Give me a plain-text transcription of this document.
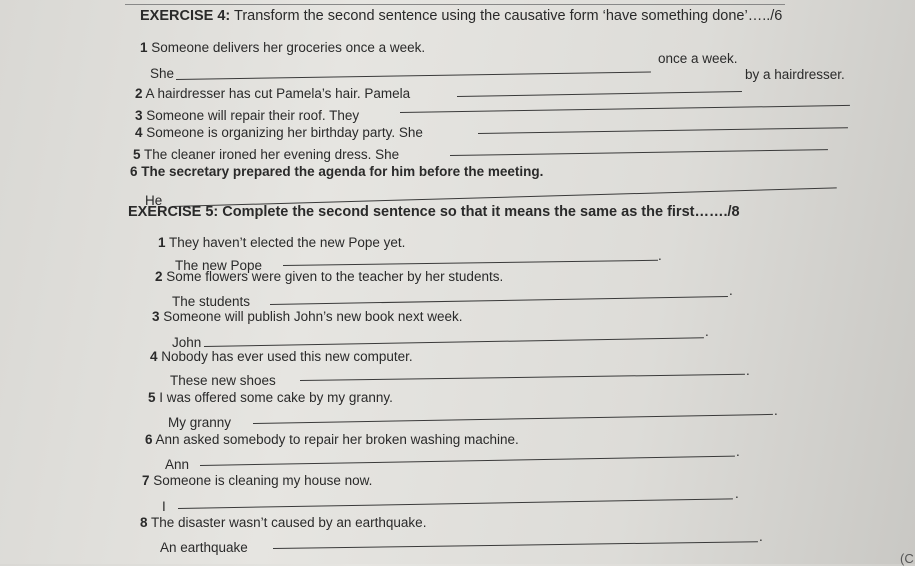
EXERCISE 4: Transform the second sentence using the causative form ‘have something done’…../6
1 Someone delivers her groceries once a week.
She
once a week.
2 A hairdresser has cut Pamela’s hair. Pamela
by a hairdresser.
3 Someone will repair their roof. They
4 Someone is organizing her birthday party. She
5 The cleaner ironed her evening dress. She
6 The secretary prepared the agenda for him before the meeting.
He
EXERCISE 5: Complete the second sentence so that it means the same as the first……./8
1 They haven’t elected the new Pope yet.
The new Pope
.
2 Some flowers were given to the teacher by her students.
The students
.
3 Someone will publish John’s new book next week.
John
.
4 Nobody has ever used this new computer.
These new shoes
.
5 I was offered some cake by my granny.
My granny
.
6 Ann asked somebody to repair her broken washing machine.
Ann
.
7 Someone is cleaning my house now.
I
.
8 The disaster wasn’t caused by an earthquake.
An earthquake
.
(C
